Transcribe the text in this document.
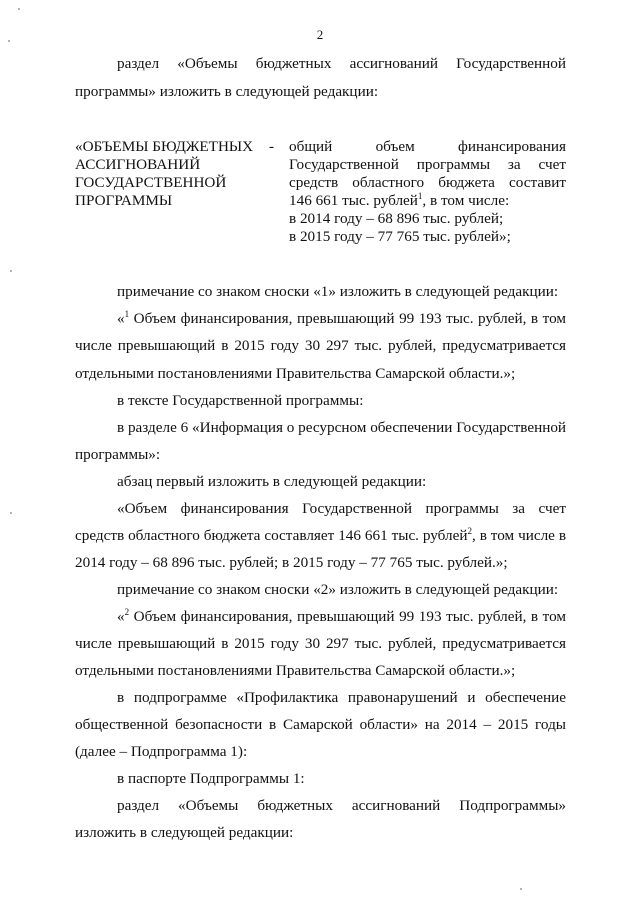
2
раздел «Объемы бюджетных ассигнований Государственной
программы» изложить в следующей редакции:
«ОБЪЕМЫ БЮДЖЕТНЫХ
АССИГНОВАНИЙ
ГОСУДАРСТВЕННОЙ
ПРОГРАММЫ
- общий объем финансирования
Государственной программы за счет
средств областного бюджета составит
146 661 тыс. рублей$^1$, в том числе:
в 2014 году – 68 896 тыс. рублей;
в 2015 году – 77 765 тыс. рублей»;
примечание со знаком сноски «1» изложить в следующей редакции:
«$^1$ Объем финансирования, превышающий 99 193 тыс. рублей, в том
числе превышающий в 2015 году 30 297 тыс. рублей, предусматривается
отдельными постановлениями Правительства Самарской области.»;
в тексте Государственной программы:
в разделе 6 «Информация о ресурсном обеспечении Государственной
программы»:
абзац первый изложить в следующей редакции:
«Объем финансирования Государственной программы за счет
средств областного бюджета составляет 146 661 тыс. рублей$^2$, в том числе в
2014 году – 68 896 тыс. рублей; в 2015 году – 77 765 тыс. рублей.»;
примечание со знаком сноски «2» изложить в следующей редакции:
«$^2$ Объем финансирования, превышающий 99 193 тыс. рублей, в том
числе превышающий в 2015 году 30 297 тыс. рублей, предусматривается
отдельными постановлениями Правительства Самарской области.»;
в подпрограмме «Профилактика правонарушений и обеспечение
общественной безопасности в Самарской области» на 2014 – 2015 годы
(далее – Подпрограмма 1):
в паспорте Подпрограммы 1:
раздел «Объемы бюджетных ассигнований Подпрограммы»
изложить в следующей редакции:
